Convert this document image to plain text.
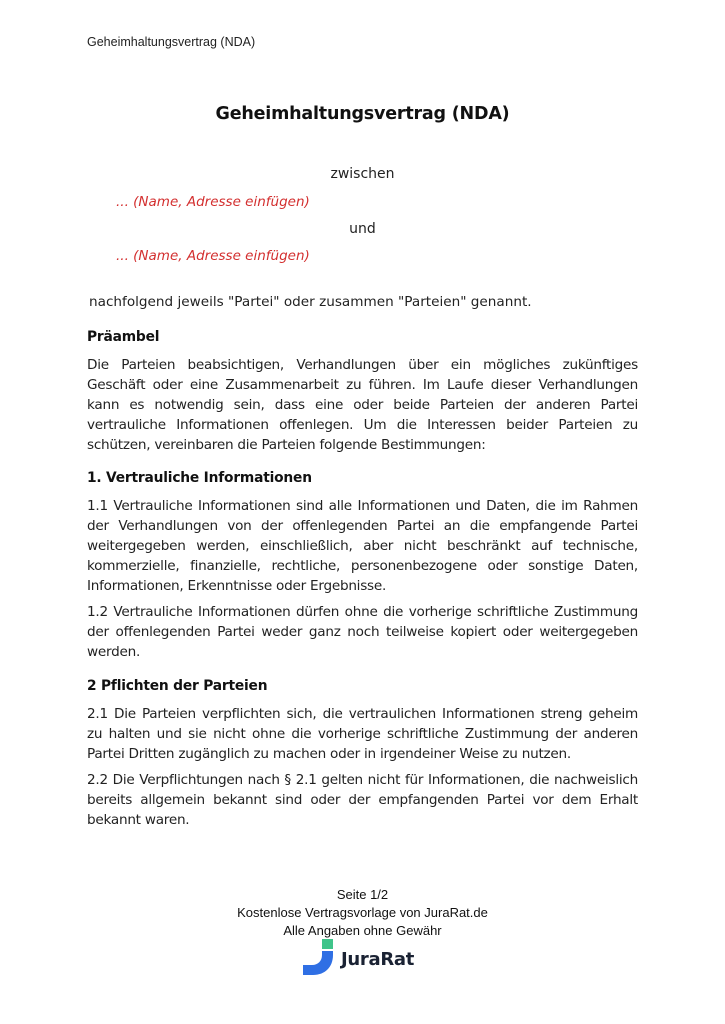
Geheimhaltungsvertrag (NDA)
Geheimhaltungsvertrag (NDA)
zwischen
... (Name, Adresse einfügen)
und
... (Name, Adresse einfügen)
nachfolgend jeweils "Partei" oder zusammen "Parteien" genannt.
Präambel

Die Parteien beabsichtigen, Verhandlungen über ein mögliches zukünftiges Geschäft oder eine Zusammenarbeit zu führen. Im Laufe dieser Verhandlungen kann es notwendig sein, dass eine oder beide Parteien der anderen Partei vertrauliche Informationen offenlegen. Um die Interessen beider Parteien zu schützen, vereinbaren die Parteien folgende Bestimmungen:

1. Vertrauliche Informationen

1.1 Vertrauliche Informationen sind alle Informationen und Daten, die im Rahmen der Verhandlungen von der offenlegenden Partei an die empfangende Partei weitergegeben werden, einschließlich, aber nicht beschränkt auf technische, kommerzielle, finanzielle, rechtliche, personenbezogene oder sonstige Daten, Informationen, Erkenntnisse oder Ergebnisse.

1.2 Vertrauliche Informationen dürfen ohne die vorherige schriftliche Zustimmung der offenlegenden Partei weder ganz noch teilweise kopiert oder weitergegeben werden.

2 Pflichten der Parteien

2.1 Die Parteien verpflichten sich, die vertraulichen Informationen streng geheim zu halten und sie nicht ohne die vorherige schriftliche Zustimmung der anderen Partei Dritten zugänglich zu machen oder in irgendeiner Weise zu nutzen.

2.2 Die Verpflichtungen nach § 2.1 gelten nicht für Informationen, die nachweislich bereits allgemein bekannt sind oder der empfangenden Partei vor dem Erhalt bekannt waren.

Seite 1/2
Kostenlose Vertragsvorlage von JuraRat.de
Alle Angaben ohne Gewähr
JuraRat
